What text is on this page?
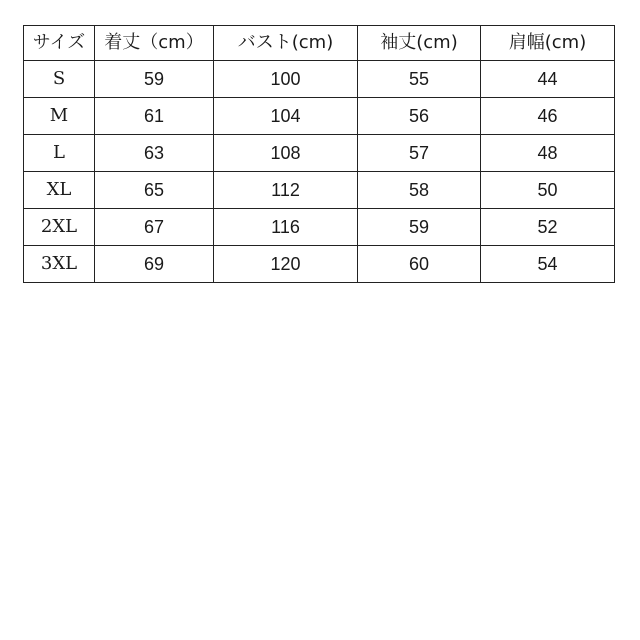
サイズ	着丈（cm）	バスト(cm)	袖丈(cm)	肩幅(cm)
S	59	100	55	44
M	61	104	56	46
L	63	108	57	48
XL	65	112	58	50
2XL	67	116	59	52
3XL	69	120	60	54
